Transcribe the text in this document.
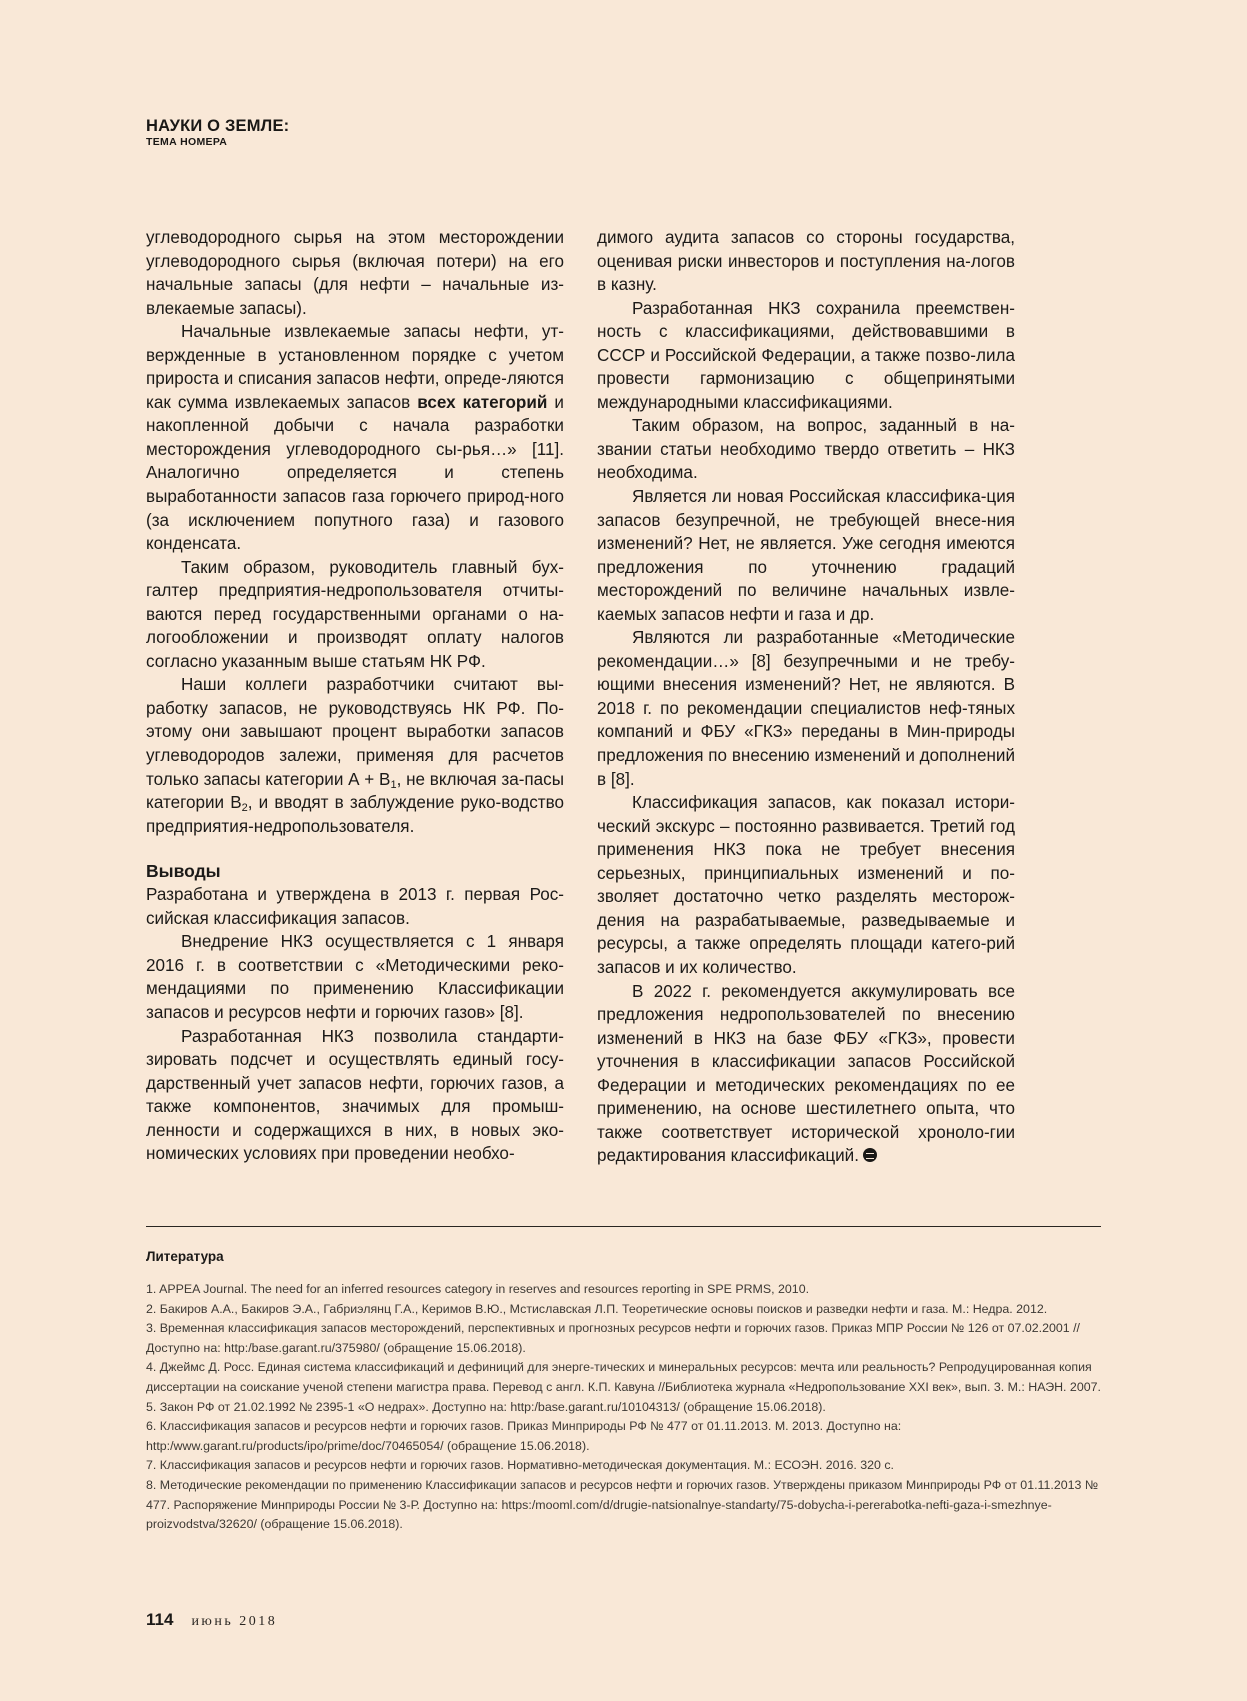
НАУКИ О ЗЕМЛЕ:
ТЕМА НОМЕРА

углеводородного сырья на этом месторождении углеводородного сырья (включая потери) на его начальные запасы (для нефти – начальные из-влекаемые запасы).

Начальные извлекаемые запасы нефти, ут-вержденные в установленном порядке с учетом прироста и списания запасов нефти, опреде-ляются как сумма извлекаемых запасов всех категорий и накопленной добычи с начала разработки месторождения углеводородного сы-рья…» [11]. Аналогично определяется и степень выработанности запасов газа горючего природ-ного (за исключением попутного газа) и газового конденсата.

Таким образом, руководитель главный бух-галтер предприятия-недропользователя отчиты-ваются перед государственными органами о на-логообложении и производят оплату налогов согласно указанным выше статьям НК РФ.

Наши коллеги разработчики считают вы-работку запасов, не руководствуясь НК РФ. По-этому они завышают процент выработки запасов углеводородов залежи, применяя для расчетов только запасы категории $А + В_1$, не включая за-пасы категории $В_2$, и вводят в заблуждение руко-водство предприятия-недропользователя.

Выводы

Разработана и утверждена в 2013 г. первая Рос-сийская классификация запасов.

Внедрение НКЗ осуществляется с 1 января 2016 г. в соответствии с «Методическими реко-мендациями по применению Классификации запасов и ресурсов нефти и горючих газов» [8].

Разработанная НКЗ позволила стандарти-зировать подсчет и осуществлять единый госу-дарственный учет запасов нефти, горючих газов, а также компонентов, значимых для промыш-ленности и содержащихся в них, в новых эко-номических условиях при проведении необхо-

димого аудита запасов со стороны государства, оценивая риски инвесторов и поступления на-логов в казну.

Разработанная НКЗ сохранила преемствен-ность с классификациями, действовавшими в СССР и Российской Федерации, а также позво-лила провести гармонизацию с общепринятыми международными классификациями.

Таким образом, на вопрос, заданный в на-звании статьи необходимо твердо ответить – НКЗ необходима.

Является ли новая Российская классифика-ция запасов безупречной, не требующей внесе-ния изменений? Нет, не является. Уже сегодня имеются предложения по уточнению градаций месторождений по величине начальных извле-каемых запасов нефти и газа и др.

Являются ли разработанные «Методические рекомендации…» [8] безупречными и не требу-ющими внесения изменений? Нет, не являются. В 2018 г. по рекомендации специалистов неф-тяных компаний и ФБУ «ГКЗ» переданы в Мин-природы предложения по внесению изменений и дополнений в [8].

Классификация запасов, как показал истори-ческий экскурс – постоянно развивается. Третий год применения НКЗ пока не требует внесения серьезных, принципиальных изменений и по-зволяет достаточно четко разделять месторож-дения на разрабатываемые, разведываемые и ресурсы, а также определять площади катего-рий запасов и их количество.

В 2022 г. рекомендуется аккумулировать все предложения недропользователей по внесению изменений в НКЗ на базе ФБУ «ГКЗ», провести уточнения в классификации запасов Российской Федерации и методических рекомендациях по ее применению, на основе шестилетнего опыта, что также соответствует исторической хроноло-гии редактирования классификаций.

Литература
1. APPEA Journal. The need for an inferred resources category in reserves and resources reporting in SPE PRMS, 2010.
2. Бакиров А.А., Бакиров Э.А., Габриэлянц Г.А., Керимов В.Ю., Мстиславская Л.П. Теоретические основы поисков и разведки нефти и газа. М.: Недра. 2012.
3. Временная классификация запасов месторождений, перспективных и прогнозных ресурсов нефти и горючих газов. Приказ МПР России № 126 от 07.02.2001 //Доступно на: http:/base.garant.ru/375980/ (обращение 15.06.2018).
4. Джеймс Д. Росс. Единая система классификаций и дефиниций для энерге-тических и минеральных ресурсов: мечта или реальность? Репродуцированная копия диссертации на соискание ученой степени магистра права. Перевод с англ. К.П. Кавуна //Библиотека журнала «Недропользование XXI век», вып. 3. М.: НАЭН. 2007.
5. Закон РФ от 21.02.1992 № 2395-1 «О недрах». Доступно на: http:/base.garant.ru/10104313/ (обращение 15.06.2018).
6. Классификация запасов и ресурсов нефти и горючих газов. Приказ Минприроды РФ № 477 от 01.11.2013. М. 2013. Доступно на: http:/www.garant.ru/products/ipo/prime/doc/70465054/ (обращение 15.06.2018).
7. Классификация запасов и ресурсов нефти и горючих газов. Нормативно-методическая документация. М.: ЕСОЭН. 2016. 320 с.
8. Методические рекомендации по применению Классификации запасов и ресурсов нефти и горючих газов. Утверждены приказом Минприроды РФ от 01.11.2013 № 477. Распоряжение Минприроды России № 3-Р. Доступно на: https:/mooml.com/d/drugie-natsionalnye-standarty/75-dobycha-i-pererabotka-nefti-gaza-i-smezhnye-proizvodstva/32620/ (обращение 15.06.2018).
114 июнь 2018
